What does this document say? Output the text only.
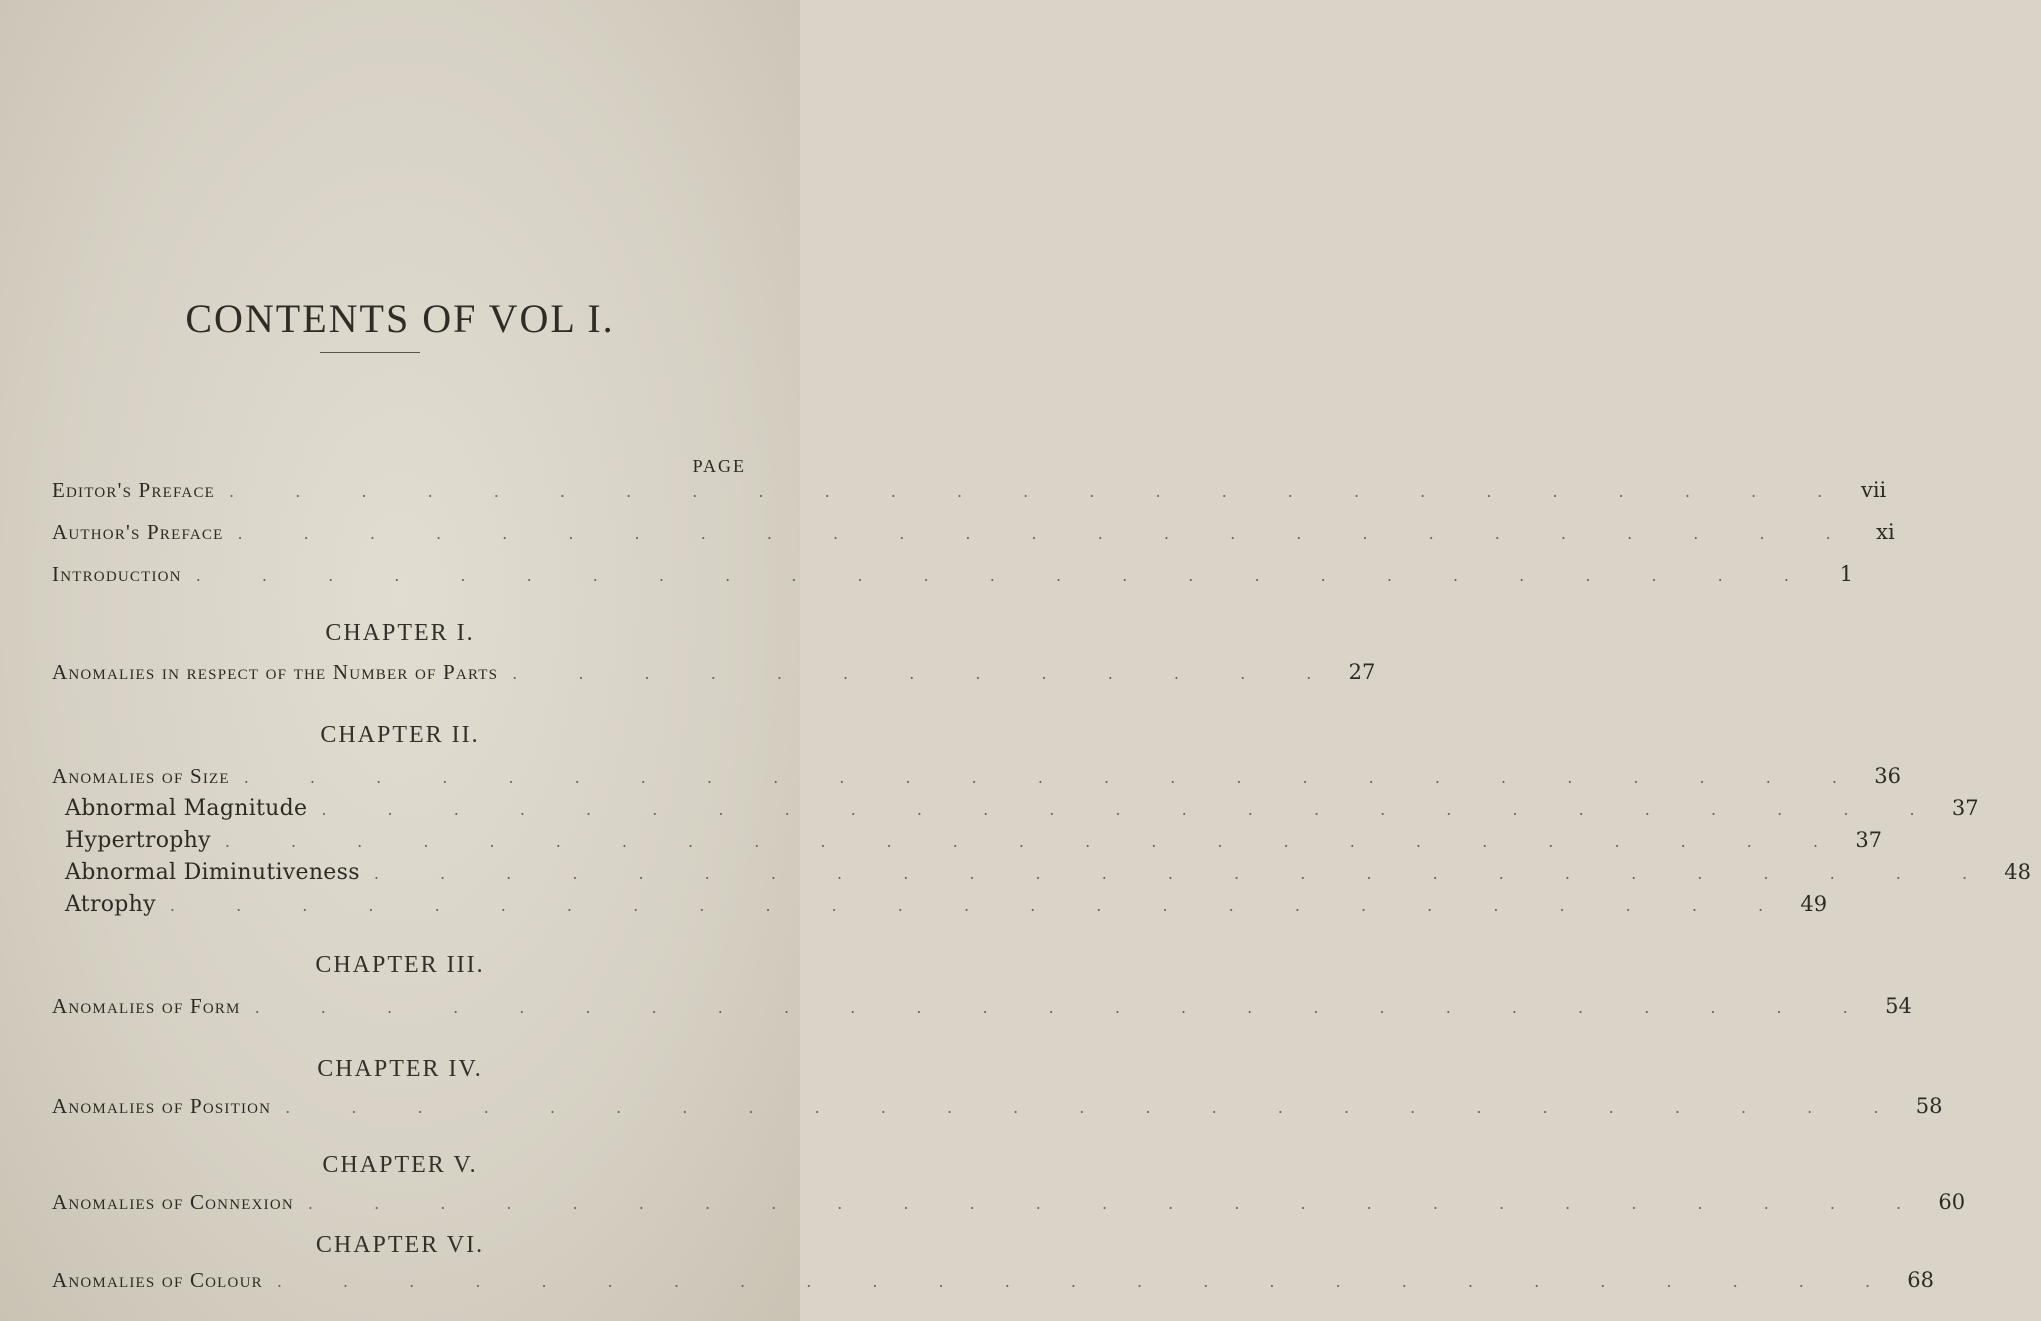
CONTENTS OF VOL I.
PAGE
Editor's Preface . . . . . . . . . . . . . . . . . . . . . . . . . vii
Author's Preface . . . . . . . . . . . . . . . . . . . . . . . . . xi
Introduction . . . . . . . . . . . . . . . . . . . . . . . . .	1
CHAPTER I.
Anomalies in respect of the Number of Parts . . . . . . . . . . . . . 27
CHAPTER II.
Anomalies of Size . . . . . . . . . . . . . . . . . . . . . . . . . 36
Abnormal Magnitude . . . . . . . . . . . . . . . . . . . . . . . . . 37
Hypertrophy . . . . . . . . . . . . . . . . . . . . . . . . . 37
Abnormal Diminutiveness . . . . . . . . . . . . . . . . . . . . . . . . . 48
Atrophy . . . . . . . . . . . . . . . . . . . . . . . . . 49
CHAPTER III.
Anomalies of Form . . . . . . . . . . . . . . . . . . . . . . . . . 54
CHAPTER IV.
Anomalies of Position . . . . . . . . . . . . . . . . . . . . . . . . . 58
CHAPTER V.
Anomalies of Connexion . . . . . . . . . . . . . . . . . . . . . . . . . 60
CHAPTER VI.
Anomalies of Colour . . . . . . . . . . . . . . . . . . . . . . . . . 68
